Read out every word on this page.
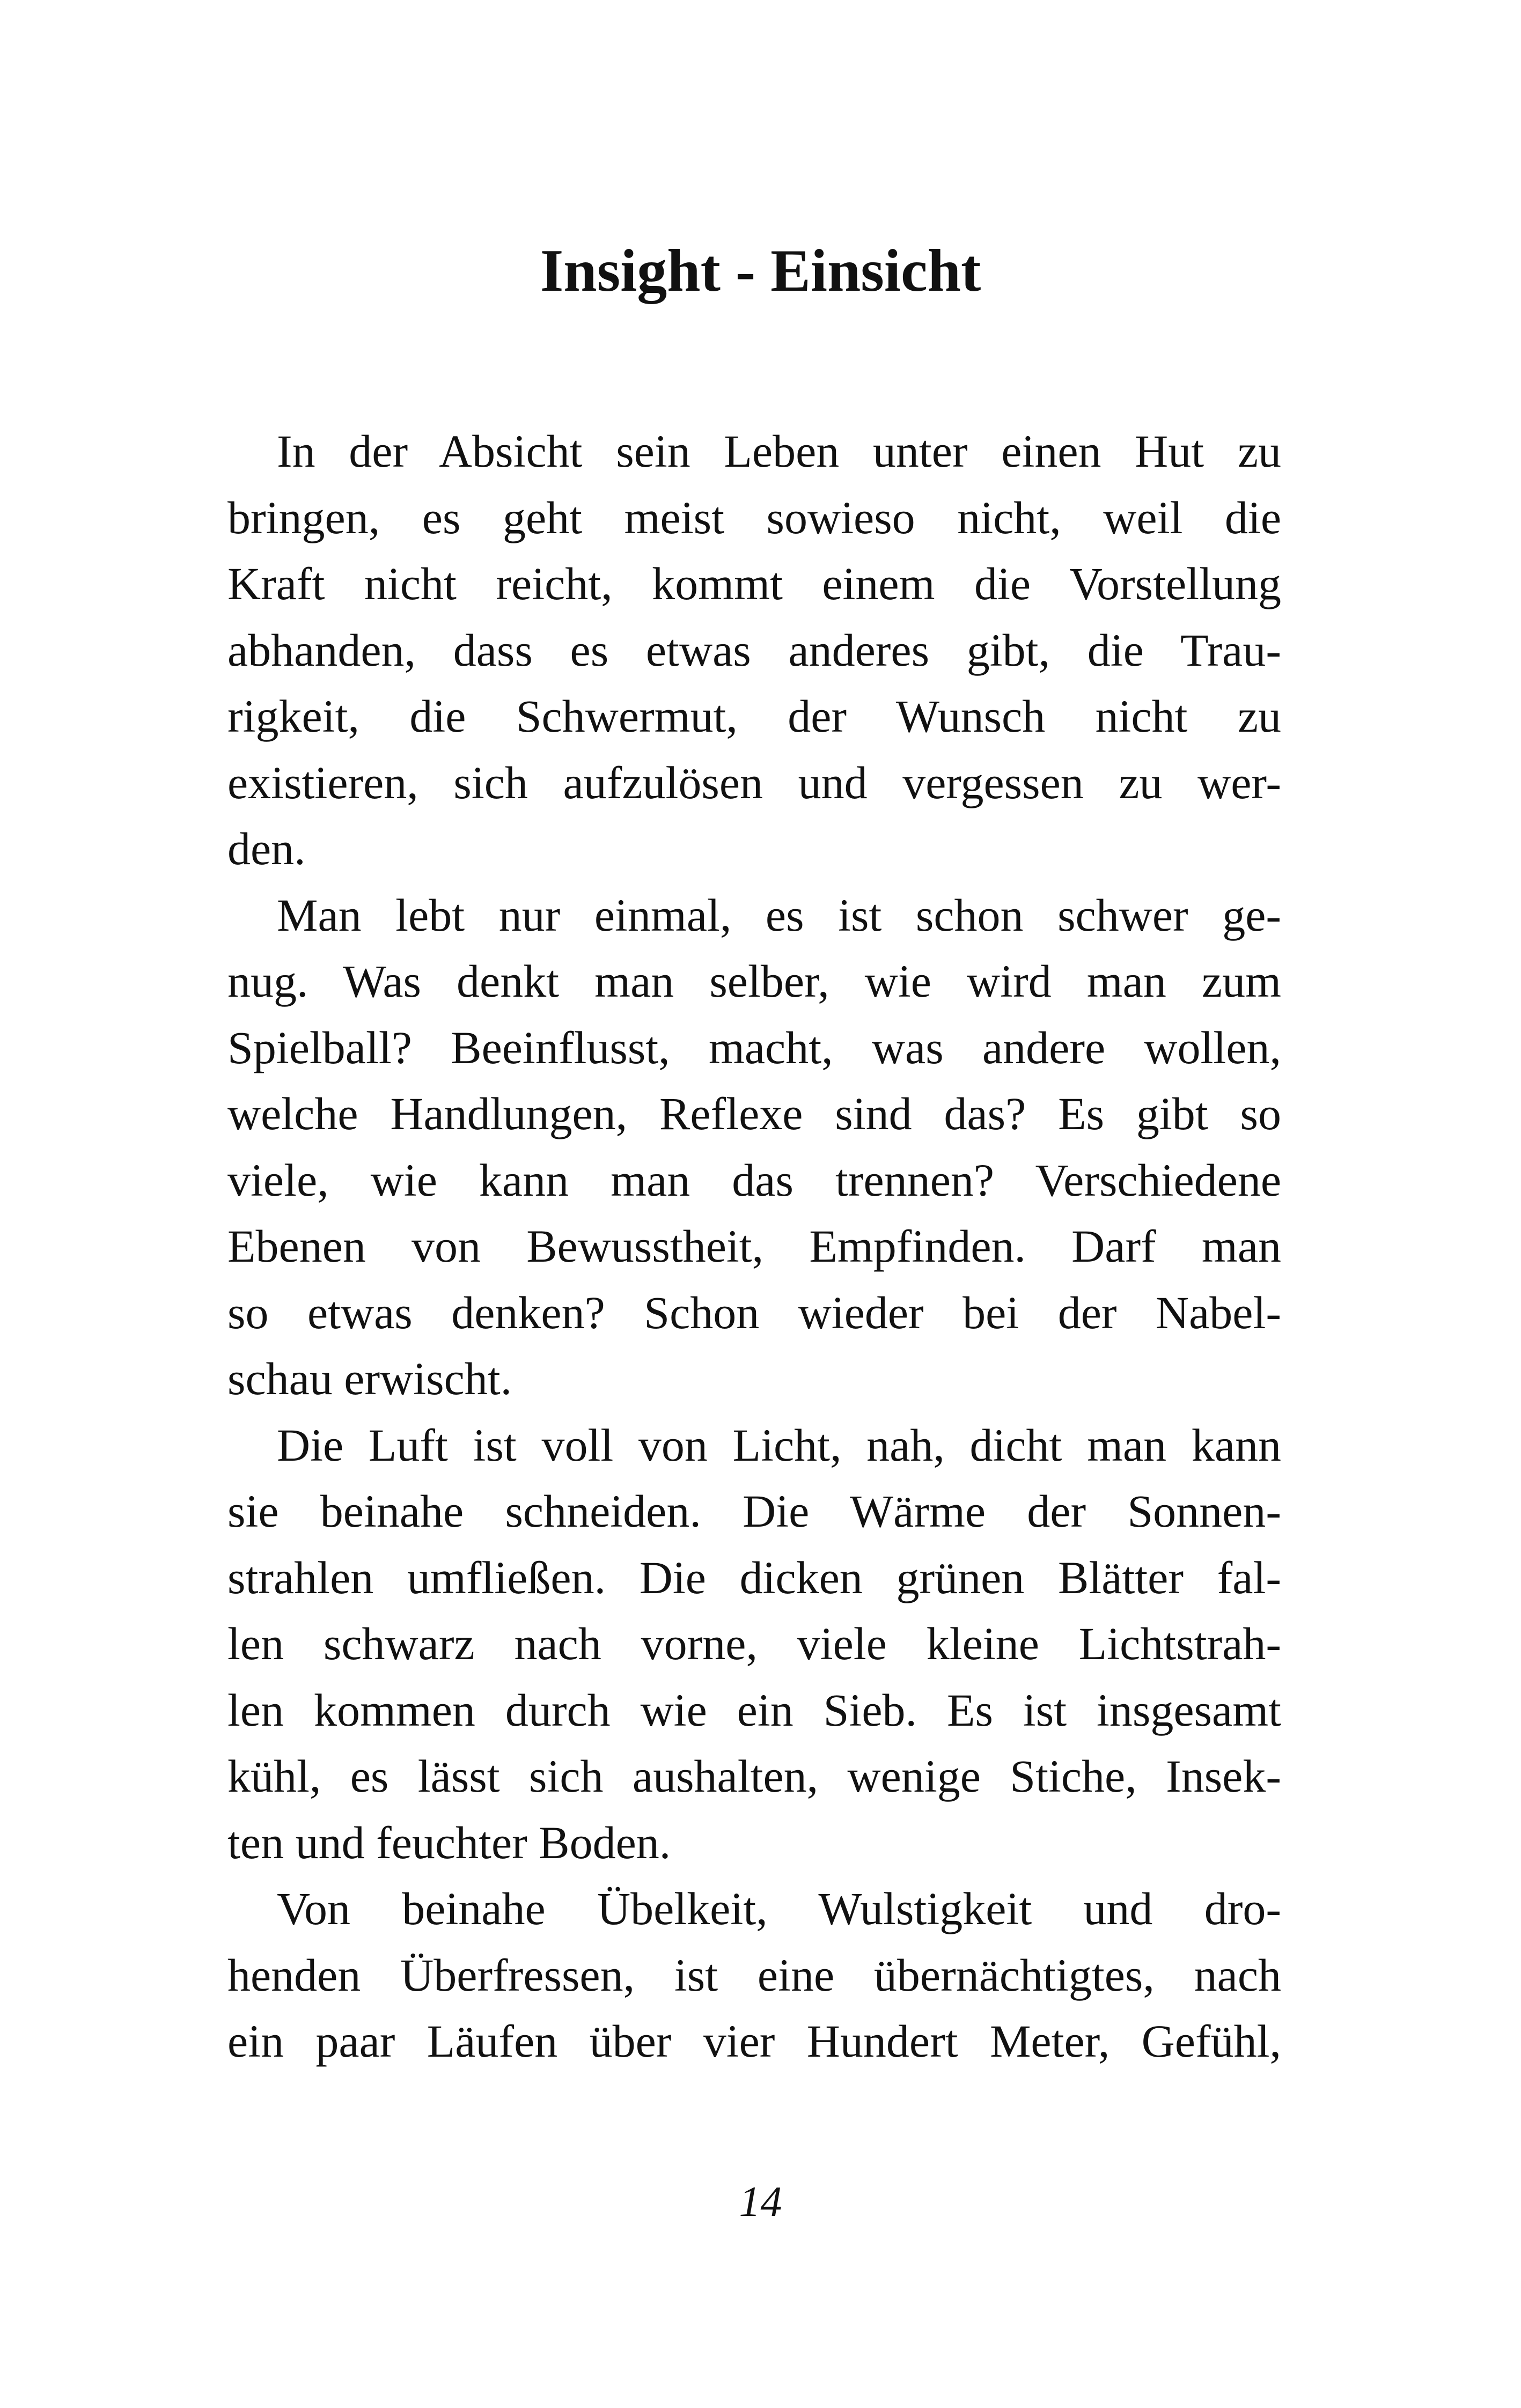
Insight - Einsicht
In der Absicht sein Leben unter einen Hut zu
bringen, es geht meist sowieso nicht, weil die
Kraft nicht reicht, kommt einem die Vorstellung
abhanden, dass es etwas anderes gibt, die Trau-
rigkeit, die Schwermut, der Wunsch nicht zu
existieren, sich aufzulösen und vergessen zu wer-
den.
Man lebt nur einmal, es ist schon schwer ge-
nug. Was denkt man selber, wie wird man zum
Spielball? Beeinflusst, macht, was andere wollen,
welche Handlungen, Reflexe sind das? Es gibt so
viele, wie kann man das trennen? Verschiedene
Ebenen von Bewusstheit, Empfinden. Darf man
so etwas denken? Schon wieder bei der Nabel-
schau erwischt.
Die Luft ist voll von Licht, nah, dicht man kann
sie beinahe schneiden. Die Wärme der Sonnen-
strahlen umfließen. Die dicken grünen Blätter fal-
len schwarz nach vorne, viele kleine Lichtstrah-
len kommen durch wie ein Sieb. Es ist insgesamt
kühl, es lässt sich aushalten, wenige Stiche, Insek-
ten und feuchter Boden.
Von beinahe Übelkeit, Wulstigkeit und dro-
henden Überfressen, ist eine übernächtigtes, nach
ein paar Läufen über vier Hundert Meter, Gefühl,
14
